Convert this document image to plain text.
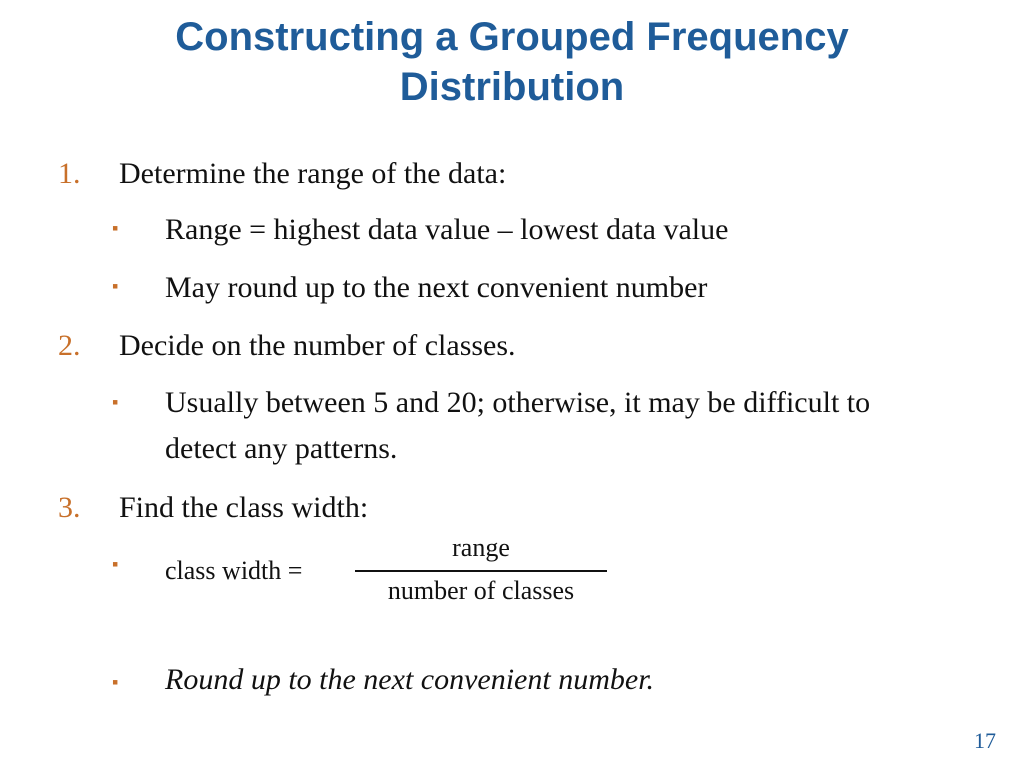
Constructing a Grouped Frequency
Distribution
1.	Determine the range of the data:
▪ Range = highest data value – lowest data value
▪ May round up to the next convenient number
2.	Decide on the number of classes.
▪ Usually between 5 and 20; otherwise, it may be difficult to detect any patterns.
3.	Find the class width:
▪ class width =
range
number of classes
▪ Round up to the next convenient number.
17
